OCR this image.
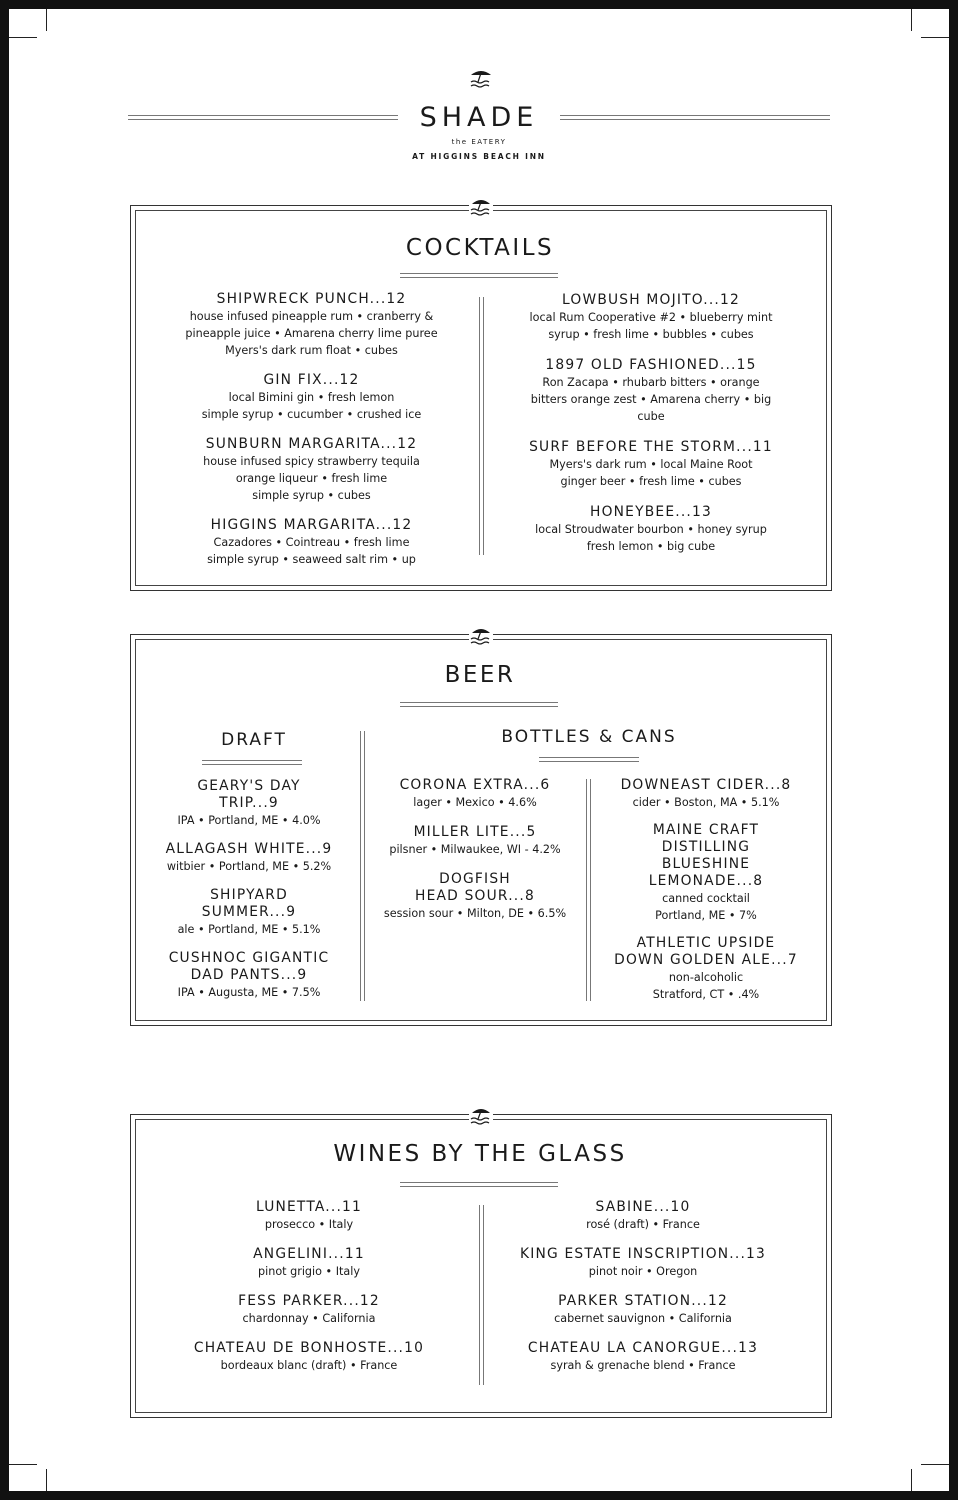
SHADE
the EATERY
AT HIGGINS BEACH INN
COCKTAILS
SHIPWRECK PUNCH...12
house infused pineapple rum • cranberry &
pineapple juice • Amarena cherry lime puree
Myers's dark rum float • cubes
GIN FIX...12
local Bimini gin • fresh lemon
simple syrup • cucumber • crushed ice
SUNBURN MARGARITA...12
house infused spicy strawberry tequila
orange liqueur • fresh lime
simple syrup • cubes
HIGGINS MARGARITA...12
Cazadores • Cointreau • fresh lime
simple syrup • seaweed salt rim • up
LOWBUSH MOJITO...12
local Rum Cooperative #2 • blueberry mint
syrup • fresh lime • bubbles • cubes
1897 OLD FASHIONED...15
Ron Zacapa • rhubarb bitters • orange
bitters orange zest • Amarena cherry • big
cube
SURF BEFORE THE STORM...11
Myers's dark rum • local Maine Root
ginger beer • fresh lime • cubes
HONEYBEE...13
local Stroudwater bourbon • honey syrup
fresh lemon • big cube
BEER
DRAFT	BOTTLES & CANS
GEARY'S DAY
TRIP...9
IPA • Portland, ME • 4.0%
ALLAGASH WHITE...9
witbier • Portland, ME • 5.2%
SHIPYARD
SUMMER...9
ale • Portland, ME • 5.1%
CUSHNOC GIGANTIC
DAD PANTS...9
IPA • Augusta, ME • 7.5%
CORONA EXTRA...6
lager • Mexico • 4.6%
MILLER LITE...5
pilsner • Milwaukee, WI - 4.2%
DOGFISH
HEAD SOUR...8
session sour • Milton, DE • 6.5%
DOWNEAST CIDER...8
cider • Boston, MA • 5.1%
MAINE CRAFT
DISTILLING
BLUESHINE
LEMONADE...8
canned cocktail
Portland, ME • 7%
ATHLETIC UPSIDE
DOWN GOLDEN ALE...7
non-alcoholic
Stratford, CT • .4%
WINES BY THE GLASS
LUNETTA...11
prosecco • Italy
ANGELINI...11
pinot grigio • Italy
FESS PARKER...12
chardonnay • California
CHATEAU DE BONHOSTE...10
bordeaux blanc (draft) • France
SABINE...10
rosé (draft) • France
KING ESTATE INSCRIPTION...13
pinot noir • Oregon
PARKER STATION...12
cabernet sauvignon • California
CHATEAU LA CANORGUE...13
syrah & grenache blend • France
